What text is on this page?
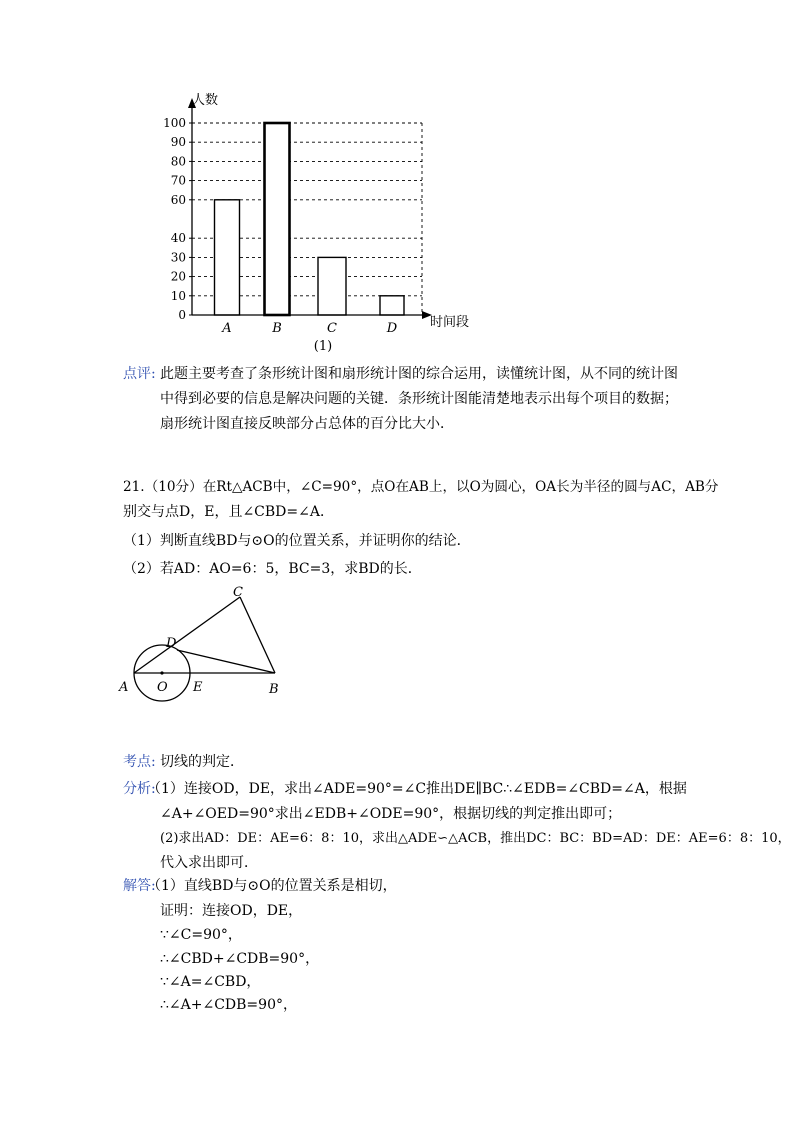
0
10
20
30
40
60
70
80
90
100
A	B	C	D
人数
时间段
(1)
点评: 此题主要考查了条形统计图和扇形统计图的综合运用，读懂统计图，从不同的统计图
中得到必要的信息是解决问题的关键．条形统计图能清楚地表示出每个项目的数据；
扇形统计图直接反映部分占总体的百分比大小．
21.（10分）在Rt△ACB中，∠C=90°，点O在AB上，以O为圆心，OA长为半径的圆与AC，AB分
别交与点D，E，且∠CBD=∠A．
（1）判断直线BD与⊙O的位置关系，并证明你的结论．
（2）若AD：AO=6：5，BC=3，求BD的长．
C
D
A O E	B
考点: 切线的判定．
分析:
（1）连接OD，DE，求出∠ADE=90°=∠C推出DE∥BC∴∠EDB=∠CBD=∠A，根据
∠A+∠OED=90°求出∠EDB+∠ODE=90°，根据切线的判定推出即可；
(2)求出AD：DE：AE=6：8：10，求出△ADE∽△ACB，推出DC：BC：BD=AD：DE：AE=6：8：10，
代入求出即可．
解答:
（1）直线BD与⊙O的位置关系是相切，
证明：连接OD，DE，
∵∠C=90°，
∴∠CBD+∠CDB=90°，
∵∠A=∠CBD，
∴∠A+∠CDB=90°，
